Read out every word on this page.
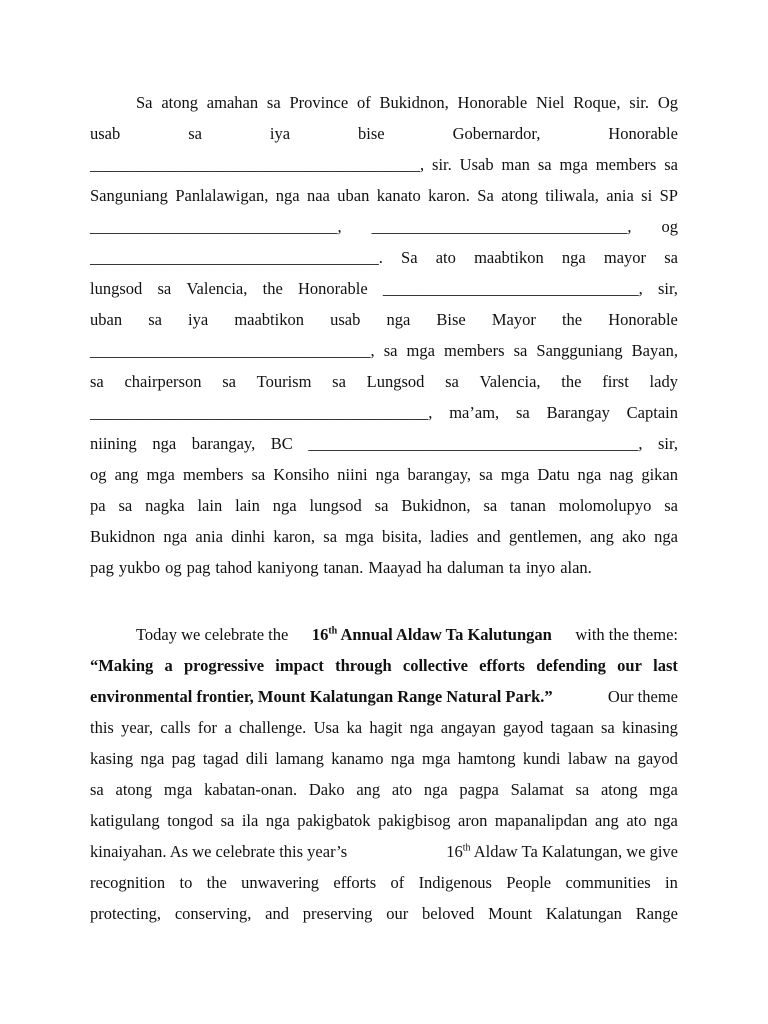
Sa atong amahan sa Province of Bukidnon, Honorable Niel Roque, sir. Og
usab	sa	iya	bise	Gobernardor,	Honorable
________________________________________, sir. Usab man sa mga members sa
Sanguniang Panlalawigan, nga naa uban kanato karon. Sa atong tiliwala, ania si SP
______________________________, _______________________________, og
___________________________________. Sa ato maabtikon nga mayor sa
lungsod sa Valencia, the Honorable _______________________________, sir,
uban sa iya maabtikon usab nga Bise Mayor the Honorable
__________________________________, sa mga members sa Sangguniang Bayan,
sa chairperson sa Tourism sa Lungsod sa Valencia, the first lady
_________________________________________, ma’am, sa Barangay Captain
niining nga barangay, BC ________________________________________, sir,
og ang mga members sa Konsiho niini nga barangay, sa mga Datu nga nag gikan
pa sa nagka lain lain nga lungsod sa Bukidnon, sa tanan molomolupyo sa
Bukidnon nga ania dinhi karon, sa mga bisita, ladies and gentlemen, ang ako nga
pag yukbo og pag tahod kaniyong tanan. Maayad ha daluman ta inyo alan.
Today we celebrate the 16th Annual Aldaw Ta Kalutungan with the theme:
“Making a progressive impact through collective efforts defending our last
environmental frontier, Mount Kalatungan Range Natural Park.”	Our theme
this year, calls for a challenge. Usa ka hagit nga angayan gayod tagaan sa kinasing
kasing nga pag tagad dili lamang kanamo nga mga hamtong kundi labaw na gayod
sa atong mga kabatan-onan. Dako ang ato nga pagpa Salamat sa atong mga
katigulang tongod sa ila nga pakigbatok pakigbisog aron mapanalipdan ang ato nga
kinaiyahan. As we celebrate this year’s	16th Aldaw Ta Kalatungan, we give
recognition to the unwavering efforts of Indigenous People communities in
protecting, conserving, and preserving our beloved Mount Kalatungan Range
